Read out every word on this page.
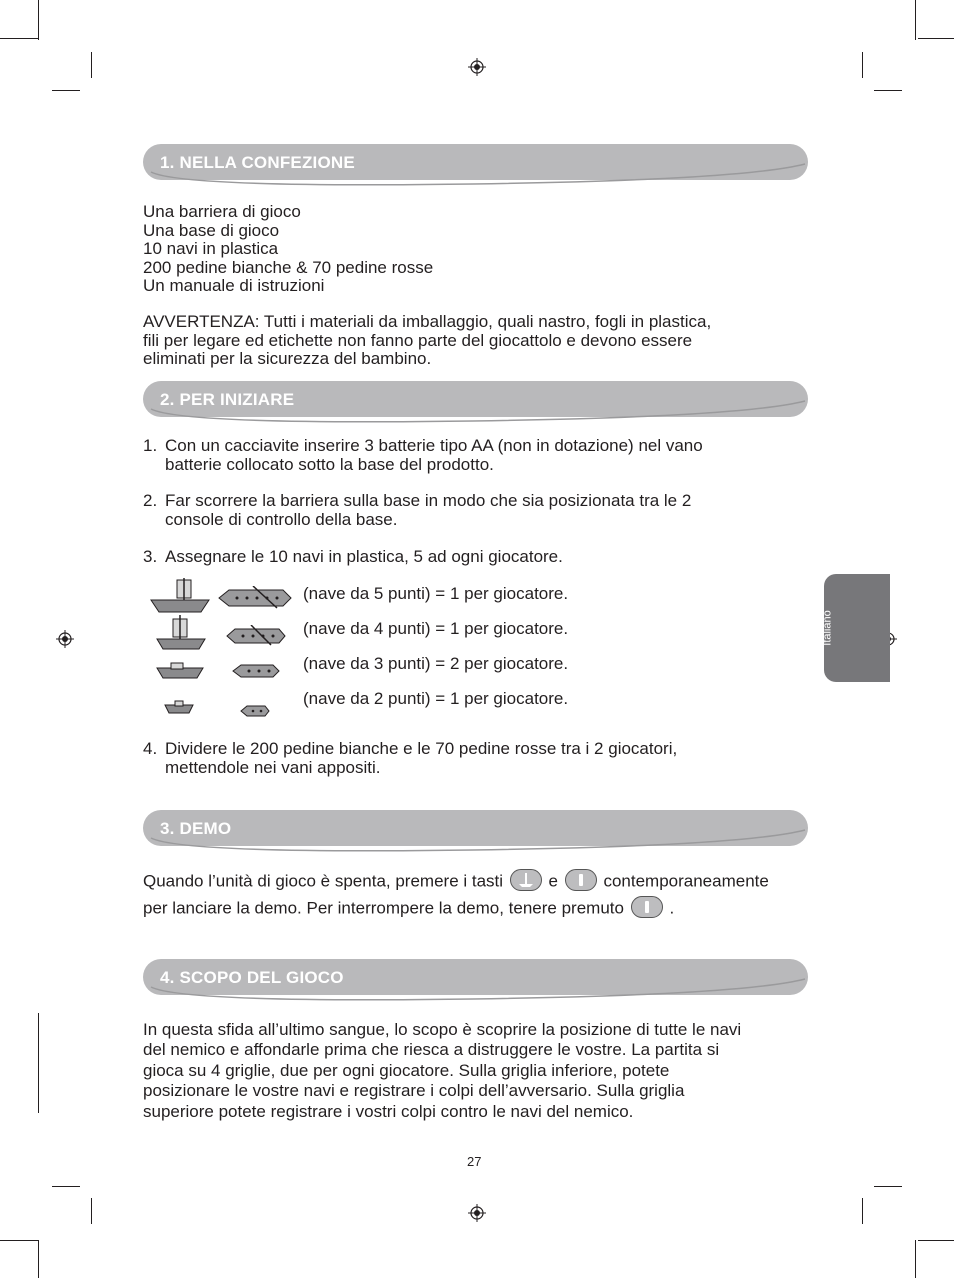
Italiano
1. NELLA CONFEZIONE
Una barriera di gioco
Una base di gioco
10 navi in plastica
200 pedine bianche & 70 pedine rosse
Un manuale di istruzioni
AVVERTENZA: Tutti i materiali da imballaggio, quali nastro, fogli in plastica,
fili per legare ed etichette non fanno parte del giocattolo e devono essere
eliminati per la sicurezza del bambino.
2. PER INIZIARE
1. Con un cacciavite inserire 3 batterie tipo AA (non in dotazione) nel vano
batterie collocato sotto la base del prodotto.
2. Far scorrere la barriera sulla base in modo che sia posizionata tra le 2
console di controllo della base.
3. Assegnare le 10 navi in plastica, 5 ad ogni giocatore.
(nave da 5 punti) = 1 per giocatore.
(nave da 4 punti) = 1 per giocatore.
(nave da 3 punti) = 2 per giocatore.
(nave da 2 punti) = 1 per giocatore.
4. Dividere le 200 pedine bianche e le 70 pedine rosse tra i 2 giocatori,
mettendole nei vani appositi.
3. DEMO
Quando l’unità di gioco è spenta, premere i tasti	e	contemporaneamente
per lanciare la demo. Per interrompere la demo, tenere premuto	.
4. SCOPO DEL GIOCO
In questa sfida all’ultimo sangue, lo scopo è scoprire la posizione di tutte le navi
del nemico e affondarle prima che riesca a distruggere le vostre. La partita si
gioca su 4 griglie, due per ogni giocatore. Sulla griglia inferiore, potete
posizionare le vostre navi e registrare i colpi dell’avversario. Sulla griglia
superiore potete registrare i vostri colpi contro le navi del nemico.
27
